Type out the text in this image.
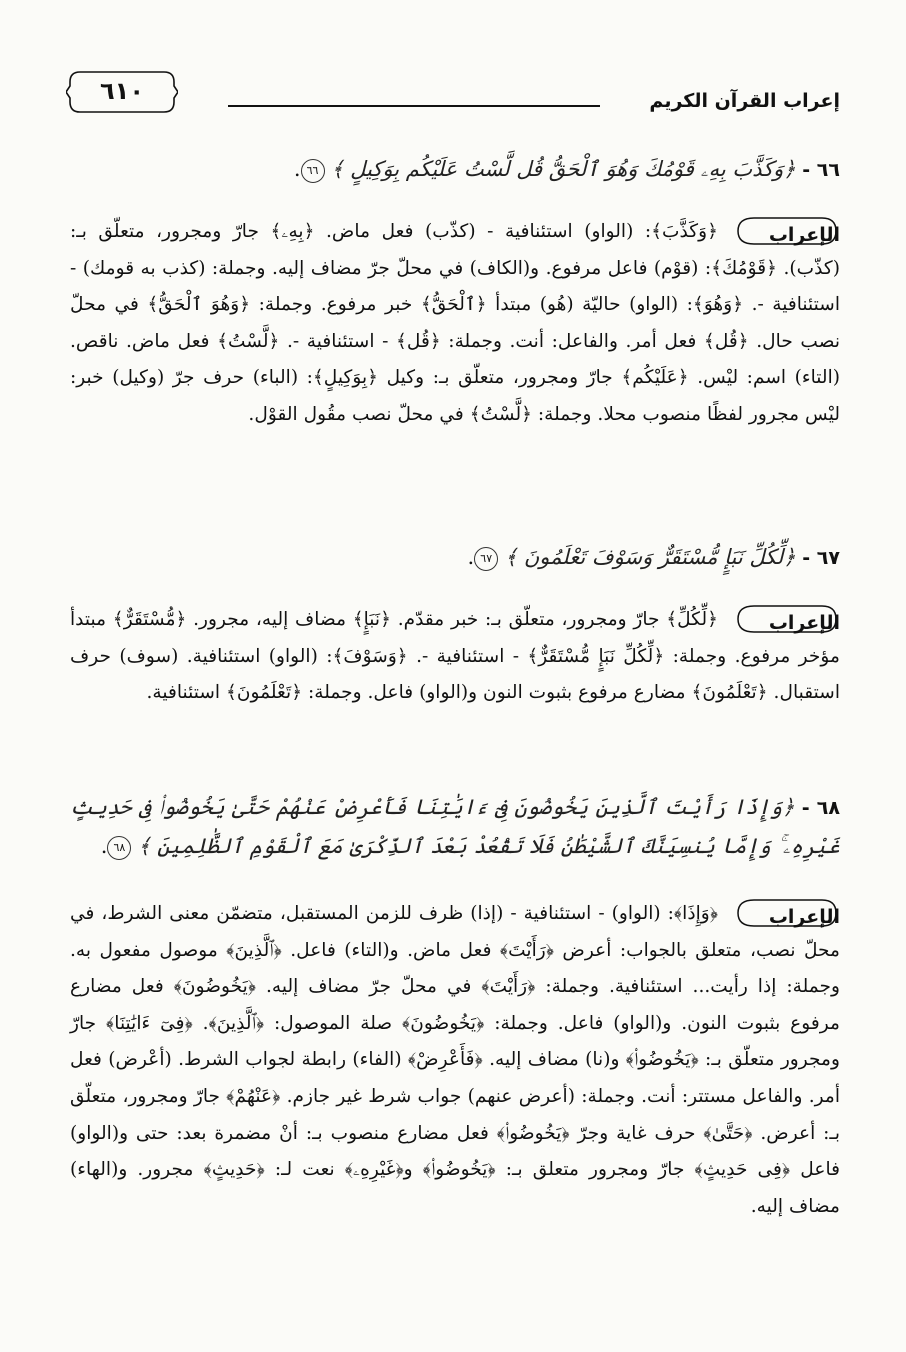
إعراب القرآن الكريم
٦١٠
٦٦ - ﴿وَكَذَّبَ بِهِۦ قَوْمُكَ وَهُوَ ٱلْحَقُّ قُل لَّسْتُ عَلَيْكُم بِوَكِيلٍ ﴾ ٦٦.
الإعراب
﴿وَكَذَّبَ﴾: (الواو) استئنافية - (كذّب) فعل ماض. ﴿بِهِۦ﴾ جارّ ومجرور، متعلّق بـ: (كذّب). ﴿قَوْمُكَ﴾: (قوْم) فاعل مرفوع. و(الكاف) في محلّ جرّ مضاف إليه. وجملة: (كذب به قومك) - استئنافية -. ﴿وَهُوَ﴾: (الواو) حاليّة (هُو) مبتدأ ﴿ٱلْحَقُّ﴾ خبر مرفوع. وجملة: ﴿وَهُوَ ٱلْحَقُّ﴾ في محلّ نصب حال. ﴿قُل﴾ فعل أمر. والفاعل: أنت. وجملة: ﴿قُل﴾ - استئنافية -. ﴿لَّسْتُ﴾ فعل ماض. ناقص. (التاء) اسم: ليْس. ﴿عَلَيْكُم﴾ جارّ ومجرور، متعلّق بـ: وكيل ﴿بِوَكِيلٍ﴾: (الباء) حرف جرّ (وكيل) خبر: ليْس مجرور لفظًا منصوب محلا. وجملة: ﴿لَّسْتُ﴾ في محلّ نصب مقُول القوْل.
٦٧ - ﴿لِّكُلِّ نَبَإٍ مُّسْتَقَرٌّ وَسَوْفَ تَعْلَمُونَ ﴾ ٦٧.
الإعراب
﴿لِّكُلِّ﴾ جارّ ومجرور، متعلّق بـ: خبر مقدّم. ﴿نَبَإٍ﴾ مضاف إليه، مجرور. ﴿مُّسْتَقَرٌّ﴾ مبتدأ مؤخر مرفوع. وجملة: ﴿لِّكُلِّ نَبَإٍ مُّسْتَقَرٌّ﴾ - استئنافية -. ﴿وَسَوْفَ﴾: (الواو) استئنافية. (سوف) حرف استقبال. ﴿تَعْلَمُونَ﴾ مضارع مرفوع بثبوت النون و(الواو) فاعل. وجملة: ﴿تَعْلَمُونَ﴾ استئنافية.
٦٨ - ﴿وَإِذَا رَأَيْتَ ٱلَّذِينَ يَخُوضُونَ فِىٓ ءَايَٰتِنَا فَأَعْرِضْ عَنْهُمْ حَتَّىٰ يَخُوضُوا۟ فِى حَدِيثٍ غَيْرِهِۦ ۚ وَإِمَّا يُنسِيَنَّكَ ٱلشَّيْطَٰنُ فَلَا تَقْعُدْ بَعْدَ ٱلذِّكْرَىٰ مَعَ ٱلْقَوْمِ ٱلظَّٰلِمِينَ ﴾ ٦٨.
الإعراب
﴿وَإِذَا﴾: (الواو) - استئنافية - (إذا) ظرف للزمن المستقبل، متضمّن معنى الشرط، في محلّ نصب، متعلق بالجواب: أعرض ﴿رَأَيْتَ﴾ فعل ماض. و(التاء) فاعل. ﴿ٱلَّذِينَ﴾ موصول مفعول به. وجملة: إذا رأيت... استئنافية. وجملة: ﴿رَأَيْتَ﴾ في محلّ جرّ مضاف إليه. ﴿يَخُوضُونَ﴾ فعل مضارع مرفوع بثبوت النون. و(الواو) فاعل. وجملة: ﴿يَخُوضُونَ﴾ صلة الموصول: ﴿ٱلَّذِينَ﴾. ﴿فِىٓ ءَايَٰتِنَا﴾ جارّ ومجرور متعلّق بـ: ﴿يَخُوضُوا۟﴾ و(نا) مضاف إليه. ﴿فَأَعْرِضْ﴾ (الفاء) رابطة لجواب الشرط. (أعْرض) فعل أمر. والفاعل مستتر: أنت. وجملة: (أعرض عنهم) جواب شرط غير جازم. ﴿عَنْهُمْ﴾ جارّ ومجرور، متعلّق بـ: أعرض. ﴿حَتَّىٰ﴾ حرف غاية وجرّ ﴿يَخُوضُوا۟﴾ فعل مضارع منصوب بـ: أنْ مضمرة بعد: حتى و(الواو) فاعل ﴿فِى حَدِيثٍ﴾ جارّ ومجرور متعلق بـ: ﴿يَخُوضُوا۟﴾ و﴿غَيْرِهِۦ﴾ نعت لـ: ﴿حَدِيثٍ﴾ مجرور. و(الهاء) مضاف إليه.
